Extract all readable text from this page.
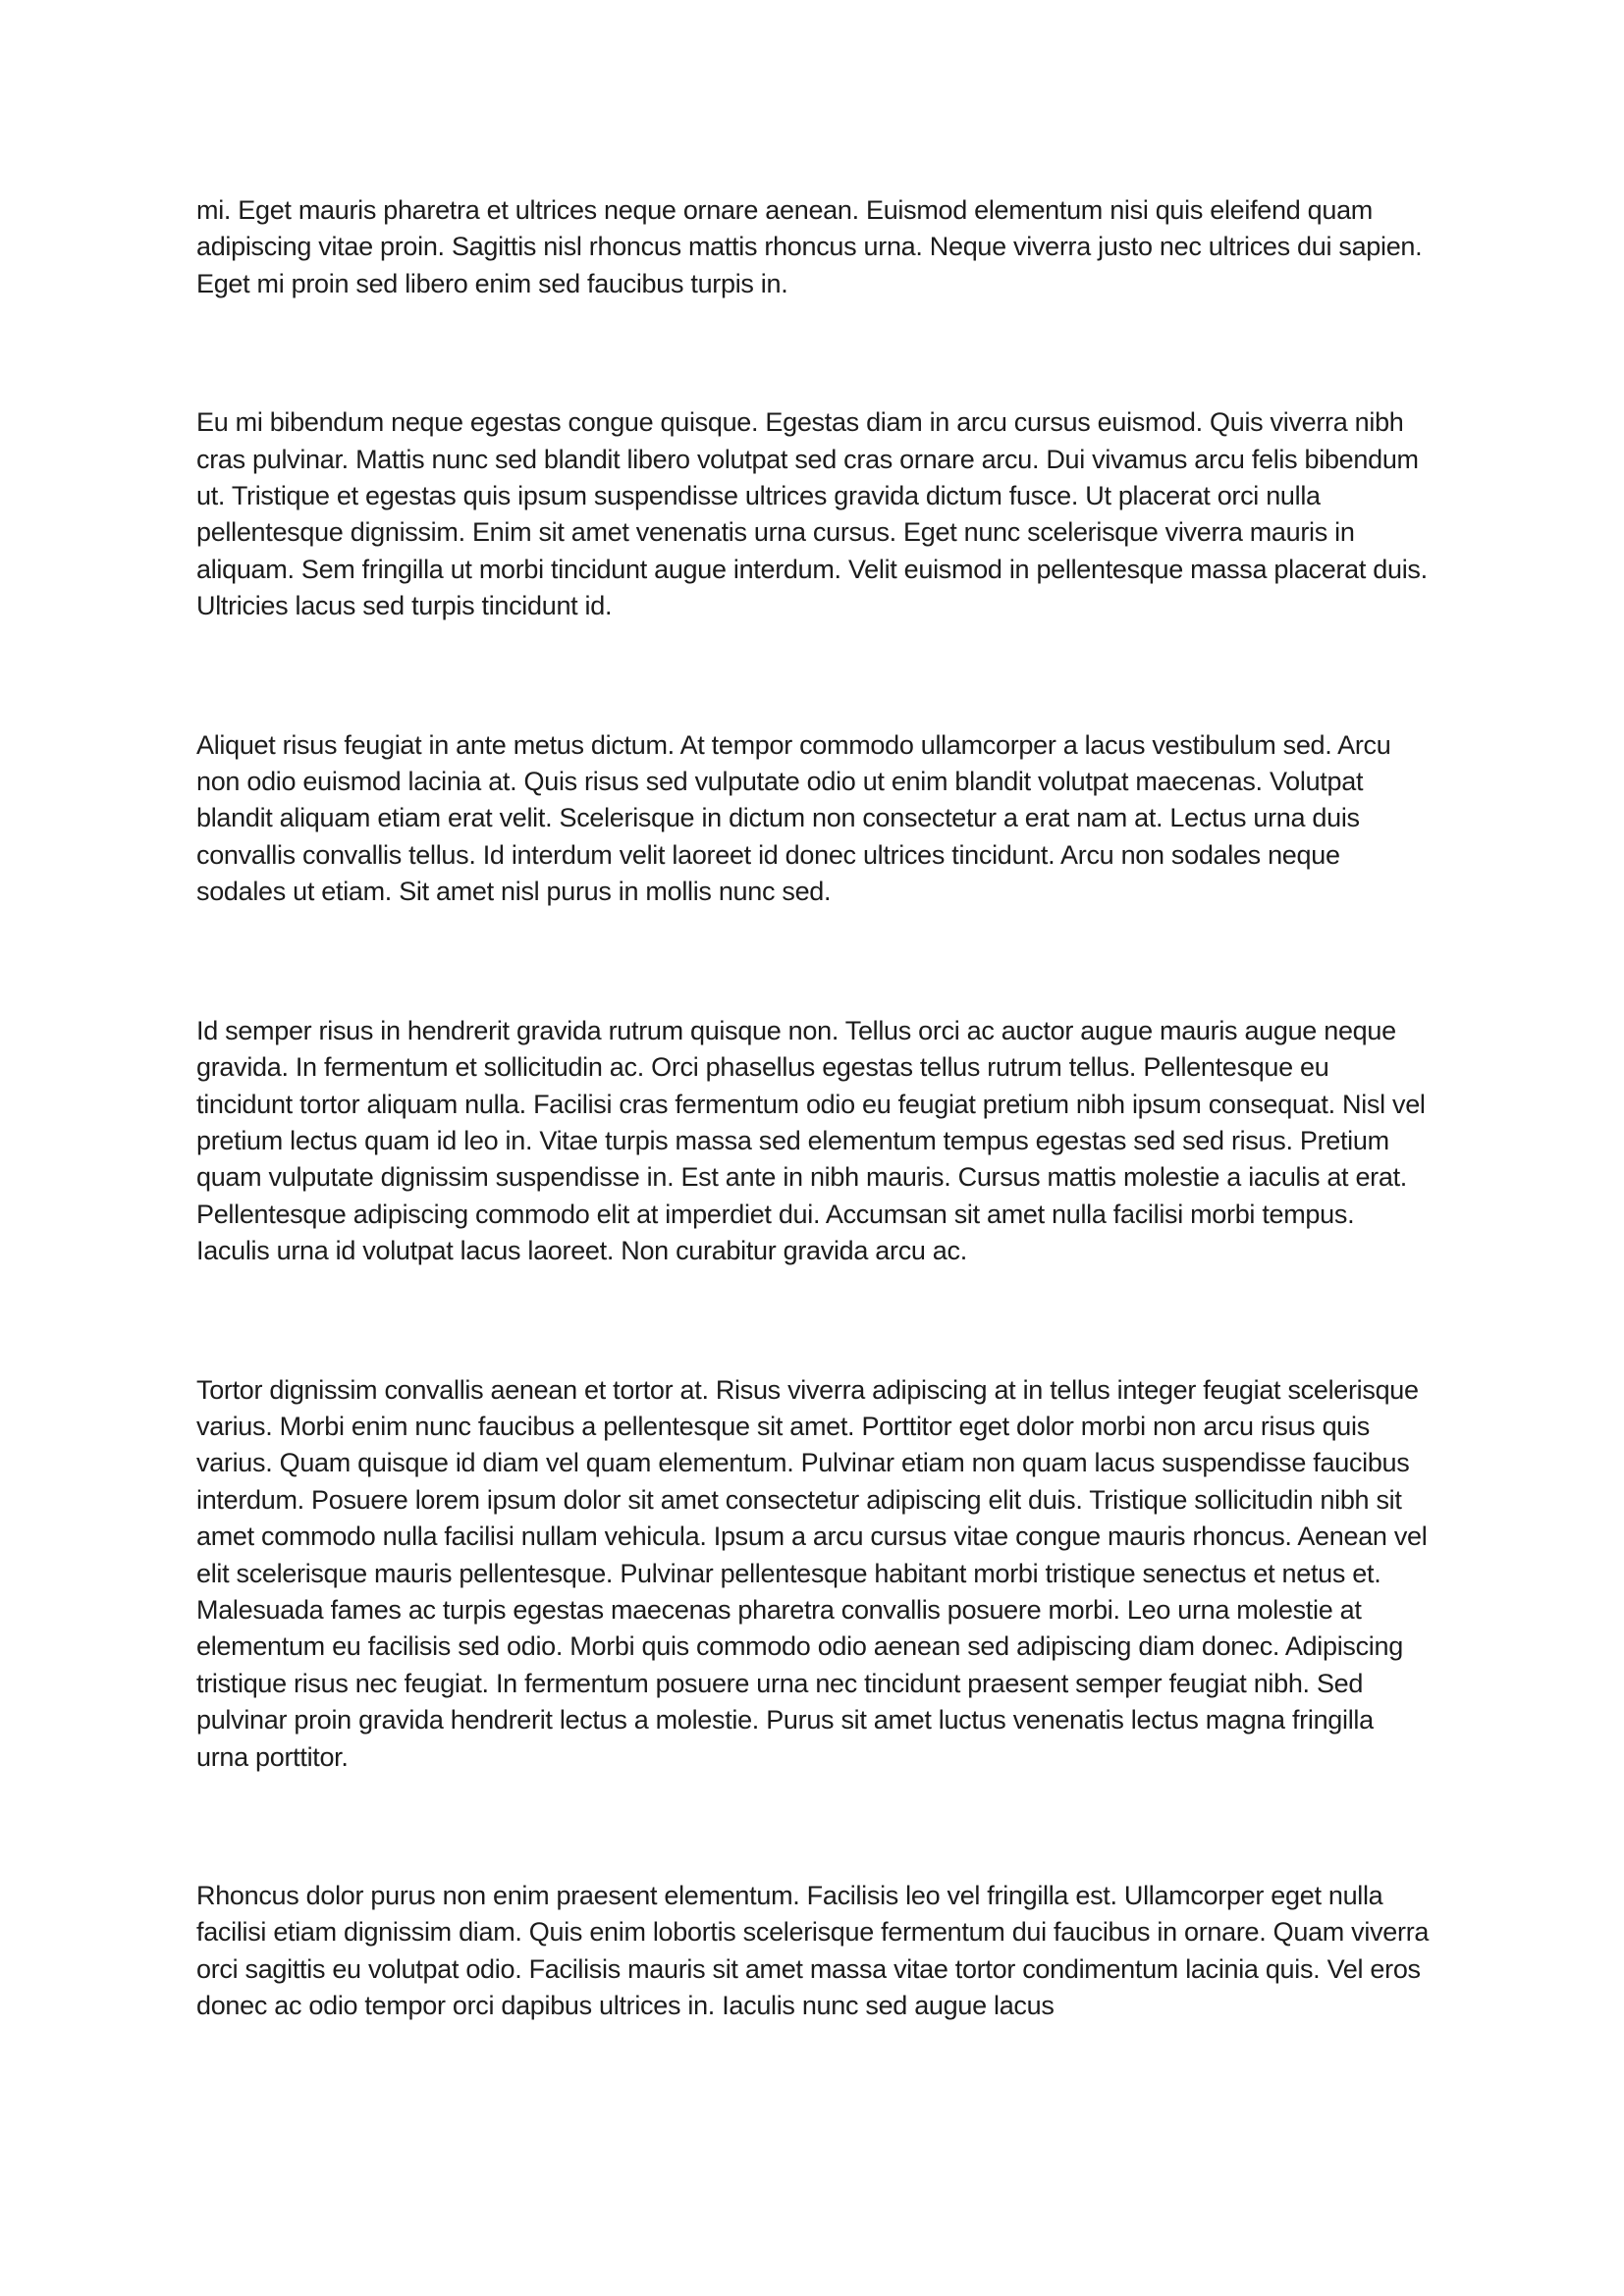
mi. Eget mauris pharetra et ultrices neque ornare aenean. Euismod elementum nisi quis eleifend quam adipiscing vitae proin. Sagittis nisl rhoncus mattis rhoncus urna. Neque viverra justo nec ultrices dui sapien. Eget mi proin sed libero enim sed faucibus turpis in.

Eu mi bibendum neque egestas congue quisque. Egestas diam in arcu cursus euismod. Quis viverra nibh cras pulvinar. Mattis nunc sed blandit libero volutpat sed cras ornare arcu. Dui vivamus arcu felis bibendum ut. Tristique et egestas quis ipsum suspendisse ultrices gravida dictum fusce. Ut placerat orci nulla pellentesque dignissim. Enim sit amet venenatis urna cursus. Eget nunc scelerisque viverra mauris in aliquam. Sem fringilla ut morbi tincidunt augue interdum. Velit euismod in pellentesque massa placerat duis. Ultricies lacus sed turpis tincidunt id.

Aliquet risus feugiat in ante metus dictum. At tempor commodo ullamcorper a lacus vestibulum sed. Arcu non odio euismod lacinia at. Quis risus sed vulputate odio ut enim blandit volutpat maecenas. Volutpat blandit aliquam etiam erat velit. Scelerisque in dictum non consectetur a erat nam at. Lectus urna duis convallis convallis tellus. Id interdum velit laoreet id donec ultrices tincidunt. Arcu non sodales neque sodales ut etiam. Sit amet nisl purus in mollis nunc sed.

Id semper risus in hendrerit gravida rutrum quisque non. Tellus orci ac auctor augue mauris augue neque gravida. In fermentum et sollicitudin ac. Orci phasellus egestas tellus rutrum tellus. Pellentesque eu tincidunt tortor aliquam nulla. Facilisi cras fermentum odio eu feugiat pretium nibh ipsum consequat. Nisl vel pretium lectus quam id leo in. Vitae turpis massa sed elementum tempus egestas sed sed risus. Pretium quam vulputate dignissim suspendisse in. Est ante in nibh mauris. Cursus mattis molestie a iaculis at erat. Pellentesque adipiscing commodo elit at imperdiet dui. Accumsan sit amet nulla facilisi morbi tempus. Iaculis urna id volutpat lacus laoreet. Non curabitur gravida arcu ac.

Tortor dignissim convallis aenean et tortor at. Risus viverra adipiscing at in tellus integer feugiat scelerisque varius. Morbi enim nunc faucibus a pellentesque sit amet. Porttitor eget dolor morbi non arcu risus quis varius. Quam quisque id diam vel quam elementum. Pulvinar etiam non quam lacus suspendisse faucibus interdum. Posuere lorem ipsum dolor sit amet consectetur adipiscing elit duis. Tristique sollicitudin nibh sit amet commodo nulla facilisi nullam vehicula. Ipsum a arcu cursus vitae congue mauris rhoncus. Aenean vel elit scelerisque mauris pellentesque. Pulvinar pellentesque habitant morbi tristique senectus et netus et. Malesuada fames ac turpis egestas maecenas pharetra convallis posuere morbi. Leo urna molestie at elementum eu facilisis sed odio. Morbi quis commodo odio aenean sed adipiscing diam donec. Adipiscing tristique risus nec feugiat. In fermentum posuere urna nec tincidunt praesent semper feugiat nibh. Sed pulvinar proin gravida hendrerit lectus a molestie. Purus sit amet luctus venenatis lectus magna fringilla urna porttitor.

Rhoncus dolor purus non enim praesent elementum. Facilisis leo vel fringilla est. Ullamcorper eget nulla facilisi etiam dignissim diam. Quis enim lobortis scelerisque fermentum dui faucibus in ornare. Quam viverra orci sagittis eu volutpat odio. Facilisis mauris sit amet massa vitae tortor condimentum lacinia quis. Vel eros donec ac odio tempor orci dapibus ultrices in. Iaculis nunc sed augue lacus
